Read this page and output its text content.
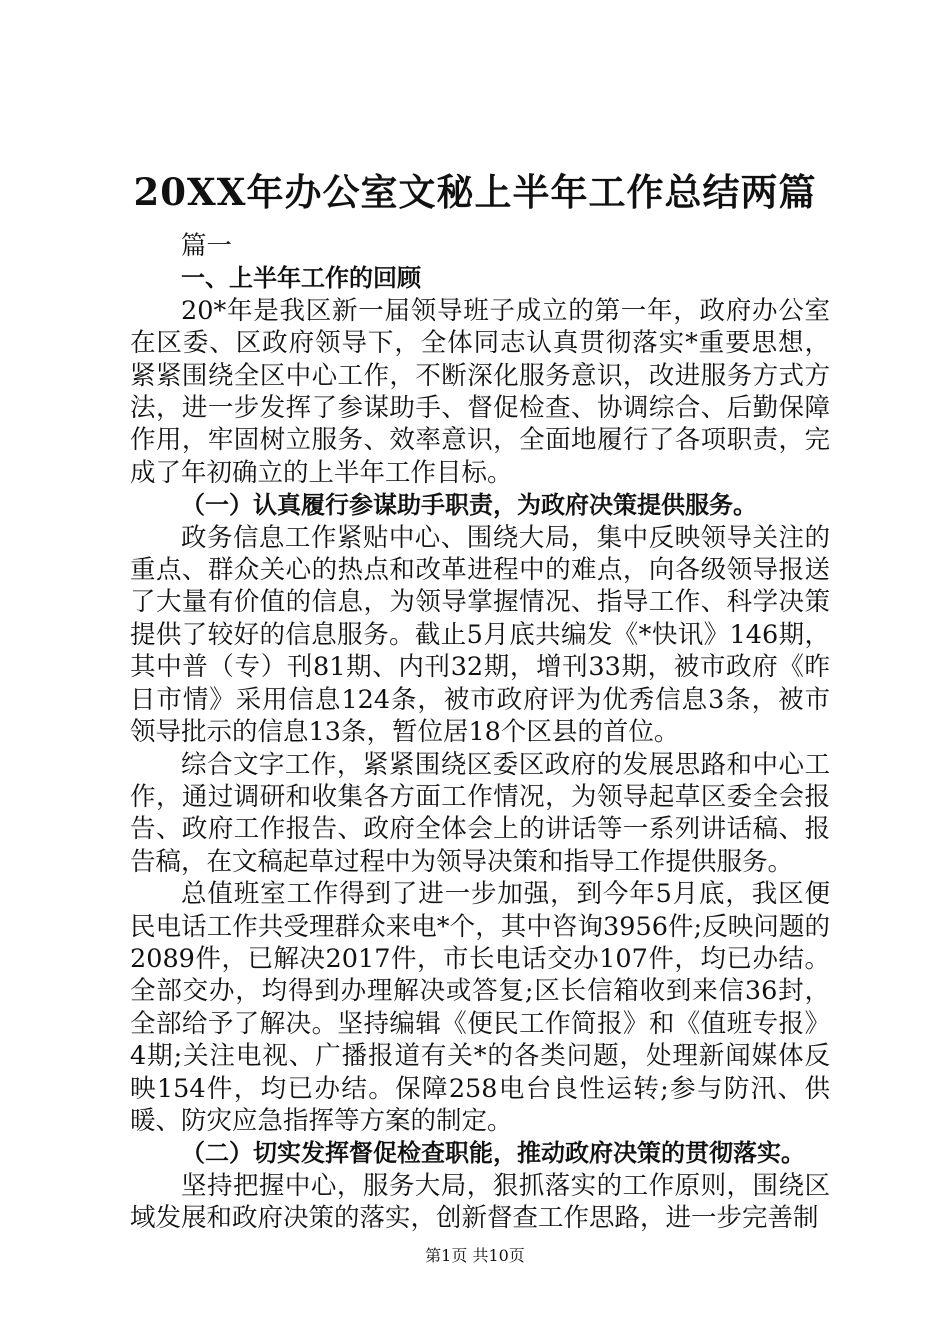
20XX年办公室文秘上半年工作总结两篇

篇一

一、上半年工作的回顾

20*年是我区新一届领导班子成立的第一年，政府办公室在区委、区政府领导下，全体同志认真贯彻落实*重要思想，紧紧围绕全区中心工作，不断深化服务意识，改进服务方式方法，进一步发挥了参谋助手、督促检查、协调综合、后勤保障作用，牢固树立服务、效率意识，全面地履行了各项职责，完成了年初确立的上半年工作目标。

（一）认真履行参谋助手职责，为政府决策提供服务。

政务信息工作紧贴中心、围绕大局，集中反映领导关注的重点、群众关心的热点和改革进程中的难点，向各级领导报送了大量有价值的信息，为领导掌握情况、指导工作、科学决策提供了较好的信息服务。截止5月底共编发《*快讯》146期，其中普（专）刊81期、内刊32期，增刊33期，被市政府《昨日市情》采用信息124条，被市政府评为优秀信息3条，被市领导批示的信息13条，暂位居18个区县的首位。

综合文字工作，紧紧围绕区委区政府的发展思路和中心工作，通过调研和收集各方面工作情况，为领导起草区委全会报告、政府工作报告、政府全体会上的讲话等一系列讲话稿、报告稿，在文稿起草过程中为领导决策和指导工作提供服务。

总值班室工作得到了进一步加强，到今年5月底，我区便民电话工作共受理群众来电*个，其中咨询3956件;反映问题的2089件，已解决2017件，市长电话交办107件，均已办结。全部交办，均得到办理解决或答复;区长信箱收到来信36封，全部给予了解决。坚持编辑《便民工作简报》和《值班专报》4期;关注电视、广播报道有关*的各类问题，处理新闻媒体反映154件，均已办结。保障258电台良性运转;参与防汛、供暖、防灾应急指挥等方案的制定。

（二）切实发挥督促检查职能，推动政府决策的贯彻落实。

坚持把握中心，服务大局，狠抓落实的工作原则，围绕区域发展和政府决策的落实，创新督查工作思路，进一步完善制

第1页 共10页
